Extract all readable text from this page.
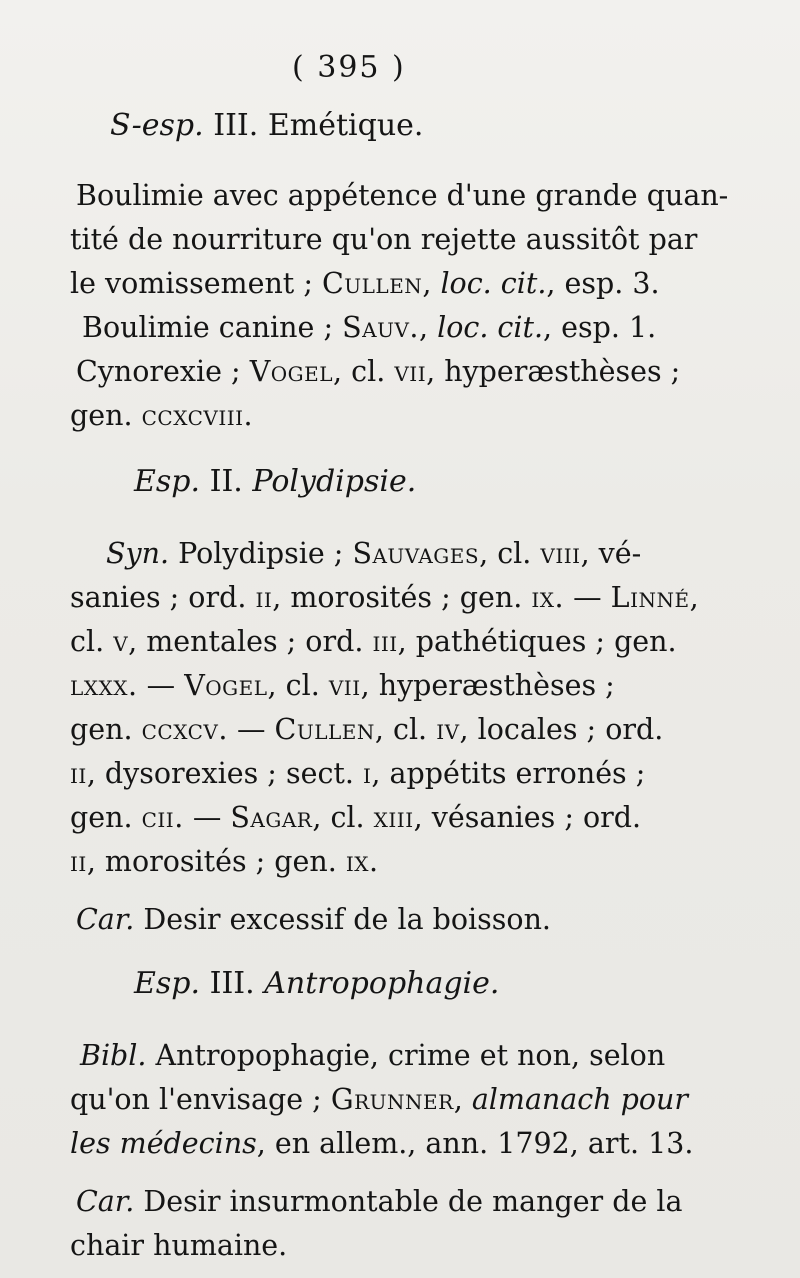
( 395 )
S-esp. III. Emétique.
Boulimie avec appétence d'une grande quan-
tité de nourriture qu'on rejette aussitôt par
le vomissement ; Cullen, loc. cit., esp. 3.
Boulimie canine ; Sauv., loc. cit., esp. 1.
Cynorexie ; Vogel, cl. vii, hyperæsthèses ;
gen. ccxcviii.
Esp. II. Polydipsie.
Syn. Polydipsie ; Sauvages, cl. viii, vé-
sanies ; ord. ii, morosités ; gen. ix. — Linné,
cl. v, mentales ; ord. iii, pathétiques ; gen.
lxxx. — Vogel, cl. vii, hyperæsthèses ;
gen. ccxcv. — Cullen, cl. iv, locales ; ord.
ii, dysorexies ; sect. i, appétits erronés ;
gen. cii. — Sagar, cl. xiii, vésanies ; ord.
ii, morosités ; gen. ix.
Car. Desir excessif de la boisson.
Esp. III. Antropophagie.
Bibl. Antropophagie, crime et non, selon
qu'on l'envisage ; Grunner, almanach pour
les médecins, en allem., ann. 1792, art. 13.
Car. Desir insurmontable de manger de la
chair humaine.
